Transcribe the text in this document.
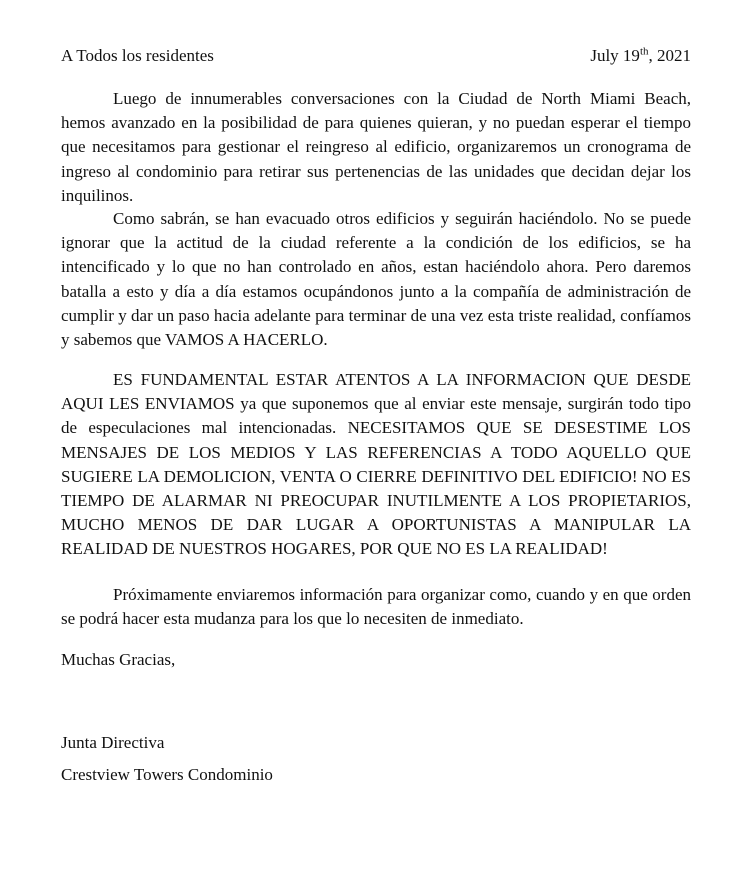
A Todos los residentes	July 19th, 2021

Luego de innumerables conversaciones con la Ciudad de North Miami Beach, hemos avanzado en la posibilidad de para quienes quieran, y no puedan esperar el tiempo que necesitamos para gestionar el reingreso al edificio, organizaremos un cronograma de ingreso al condominio para retirar sus pertenencias de las unidades que decidan dejar los inquilinos.

Como sabrán, se han evacuado otros edificios y seguirán haciéndolo. No se puede ignorar que la actitud de la ciudad referente a la condición de los edificios, se ha intencificado y lo que no han controlado en años, estan haciéndolo ahora. Pero daremos batalla a esto y día a día estamos ocupándonos junto a la compañía de administración de cumplir y dar un paso hacia adelante para terminar de una vez esta triste realidad, confíamos y sabemos que VAMOS A HACERLO.

ES FUNDAMENTAL ESTAR ATENTOS A LA INFORMACION QUE DESDE AQUI LES ENVIAMOS ya que suponemos que al enviar este mensaje, surgirán todo tipo de especulaciones mal intencionadas. NECESITAMOS QUE SE DESESTIME LOS MENSAJES DE LOS MEDIOS Y LAS REFERENCIAS A TODO AQUELLO QUE SUGIERE LA DEMOLICION, VENTA O CIERRE DEFINITIVO DEL EDIFICIO! NO ES TIEMPO DE ALARMAR NI PREOCUPAR INUTILMENTE A LOS PROPIETARIOS, MUCHO MENOS DE DAR LUGAR A OPORTUNISTAS A MANIPULAR LA REALIDAD DE NUESTROS HOGARES, POR QUE NO ES LA REALIDAD!

Próximamente enviaremos información para organizar como, cuando y en que orden se podrá hacer esta mudanza para los que lo necesiten de inmediato.

Muchas Gracias,

Junta Directiva

Crestview Towers Condominio
